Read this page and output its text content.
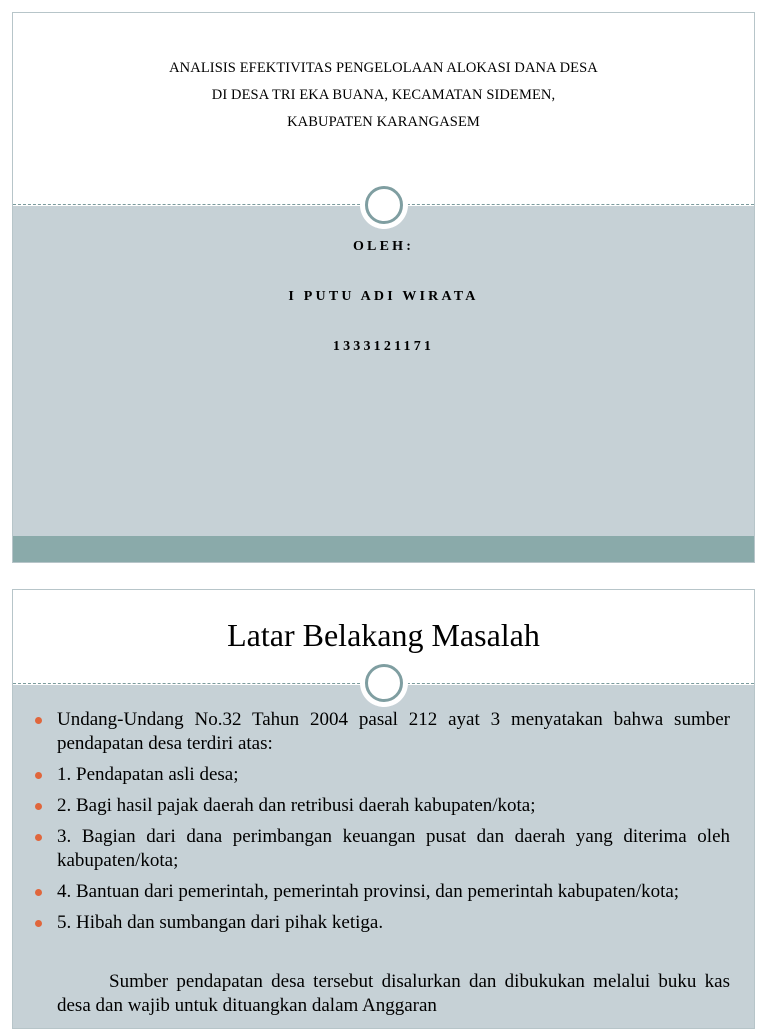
ANALISIS EFEKTIVITAS PENGELOLAAN ALOKASI DANA DESA
DI DESA TRI EKA BUANA, KECAMATAN SIDEMEN,
KABUPATEN KARANGASEM
OLEH:
I PUTU ADI WIRATA
1333121171
Latar Belakang Masalah
Undang-Undang No.32 Tahun 2004 pasal 212 ayat 3 menyatakan bahwa sumber pendapatan desa terdiri atas:
1. Pendapatan asli desa;
2. Bagi hasil pajak daerah dan retribusi daerah kabupaten/kota;
3. Bagian dari dana perimbangan keuangan pusat dan daerah yang diterima oleh kabupaten/kota;
4. Bantuan dari pemerintah, pemerintah provinsi, dan pemerintah kabupaten/kota;
5. Hibah dan sumbangan dari pihak ketiga.
Sumber pendapatan desa tersebut disalurkan dan dibukukan melalui buku kas desa dan wajib untuk dituangkan dalam Anggaran
